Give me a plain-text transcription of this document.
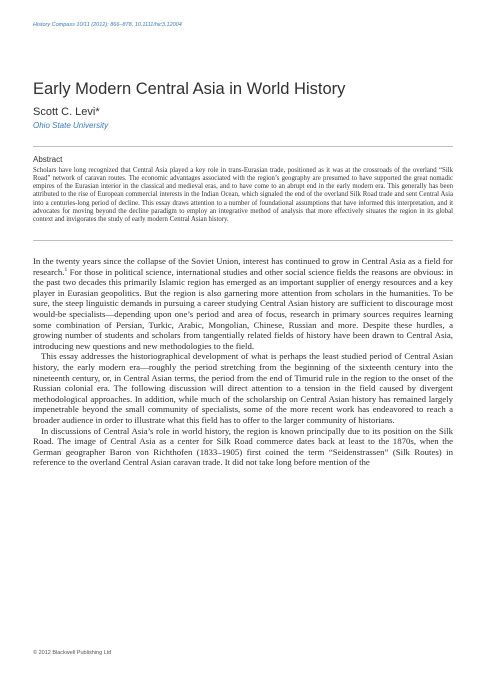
History Compass 10/11 (2012): 866–878, 10.1111/hic3.12004
Early Modern Central Asia in World History
Scott C. Levi*
Ohio State University
Abstract

Scholars have long recognized that Central Asia played a key role in trans-Eurasian trade, positioned as it was at the crossroads of the overland “Silk Road” network of caravan routes. The economic advantages associated with the region’s geography are presumed to have supported the great nomadic empires of the Eurasian interior in the classical and medieval eras, and to have come to an abrupt end in the early modern era. This generally has been attributed to the rise of European commercial interests in the Indian Ocean, which signaled the end of the overland Silk Road trade and sent Central Asia into a centuries-long period of decline. This essay draws attention to a number of foundational assumptions that have informed this interpretation, and it advocates for moving beyond the decline paradigm to employ an integrative method of analysis that more effectively situates the region in its global context and invigorates the study of early modern Central Asian history.

In the twenty years since the collapse of the Soviet Union, interest has continued to grow in Central Asia as a field for research.$^1$ For those in political science, international studies and other social science fields the reasons are obvious: in the past two decades this primarily Islamic region has emerged as an important supplier of energy resources and a key player in Eurasian geopolitics. But the region is also garnering more attention from scholars in the humanities. To be sure, the steep linguistic demands in pursuing a career studying Central Asian history are sufficient to discourage most would-be specialists—depending upon one’s period and area of focus, research in primary sources requires learning some combination of Persian, Turkic, Arabic, Mongolian, Chinese, Russian and more. Despite these hurdles, a growing number of students and scholars from tangentially related fields of history have been drawn to Central Asia, introducing new questions and new methodologies to the field.

This essay addresses the historiographical development of what is perhaps the least studied period of Central Asian history, the early modern era—roughly the period stretching from the beginning of the sixteenth century into the nineteenth century, or, in Central Asian terms, the period from the end of Timurid rule in the region to the onset of the Russian colonial era. The following discussion will direct attention to a tension in the field caused by divergent methodological approaches. In addition, while much of the scholarship on Central Asian history has remained largely impenetrable beyond the small community of specialists, some of the more recent work has endeavored to reach a broader audience in order to illustrate what this field has to offer to the larger community of historians.

In discussions of Central Asia’s role in world history, the region is known principally due to its position on the Silk Road. The image of Central Asia as a center for Silk Road commerce dates back at least to the 1870s, when the German geographer Baron von Richthofen (1833–1905) first coined the term “Seidenstrassen” (Silk Routes) in reference to the overland Central Asian caravan trade. It did not take long before mention of the

© 2012 Blackwell Publishing Ltd
